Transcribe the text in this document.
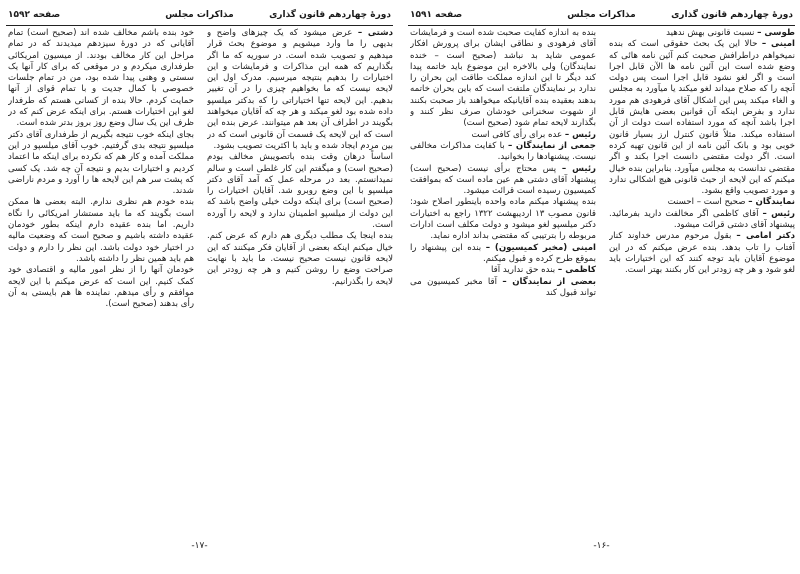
دورهٔ چهاردهم قانون گذاری
مذاکرات مجلس
صفحه ۱۵۹۲

دشتی – عرض میشود که یک چیزهای واضح و بدیهی را ما وارد میشویم و موضوع بحث قرار میدهیم و تصویب شده است. در سوریه که ما اگر بگذاریم که همه این مذاکرات و فرمایشات و این اختیارات را بدهیم بنتیجه میرسیم. مدرک اول این لایحه نیست که ما بخواهیم چیزی را در آن تغییر بدهیم. این لایحه تنها اختیاراتی را که بدکتر میلسپو داده شده بود لغو میکند و هر چه که آقایان میخواهند بگویند در اطراف آن بعد هم میتوانند. عرض بنده این است که این لایحه یک قسمت آن قانونی است که در بین مردم ایجاد شده و باید با اکثریت تصویب بشود.

اساساً درهان وقت بنده باتصویبش مخالف بودم (صحیح است) و میگفتم این کار غلطی است و سالم نمیدانستم. بعد در مرحله عمل که آمد آقای دکتر میلسپو با این وضع روبرو شد. آقایان اختیارات را (صحیح است) برای اینکه دولت خیلی واضح باشد که این دولت از میلسپو اطمینان ندارد و لایحه را آورده است.

بنده اینجا یک مطلب دیگری هم دارم که عرض کنم. خیال میکنم اینکه بعضی از آقایان فکر میکنند که این لایحه قانون نیست صحیح نیست. ما باید با نهایت صراحت وضع را روشن کنیم و هر چه زودتر این لایحه را بگذرانیم.

خود بنده باشم مخالف شده اند (صحیح است) تمام آقایانی که در دورهٔ سیزدهم میدیدند که در تمام مراحل این کار مخالف بودند. از میسیون امریکائی طرفداری میکردم و در موقعی که برای کار آنها یک سستی و وهنی پیدا شده بود، من در تمام جلسات خصوصی با کمال جدیت و با تمام قوای از آنها حمایت کردم. حالا بنده از کسانی هستم که طرفدار لغو این اختیارات هستم. برای اینکه عرض کنم که در ظرف این یک سال وضع روز بروز بدتر شده است.

بجای اینکه خوب نتیجه بگیریم از طرفداری آقای دکتر میلسپو نتیجه بدی گرفتیم. خوب آقای میلسپو در این مملکت آمده و کار هم که نکرده برای اینکه ما اعتماد کردیم و اختیارات بدیم و نتیجه آن چه شد. یک کسی که پشت سر هم این لایحه ها را آورد و مردم ناراضی شدند.

بنده خودم هم نظری ندارم. البته بعضی ها ممکن است بگویند که ما باید مستشار امریکائی را نگاه داریم. اما بنده عقیده دارم اینکه بطور خودمان عقیده داشته باشیم و صحیح است که وضعیت مالیه در اختیار خود دولت باشد. این نظر را دارم و دولت هم باید همین نظر را داشته باشد.

خودمان آنها را از نظر امور مالیه و اقتصادی خود کمک کنیم. این است که عرض میکنم با این لایحه موافقم و رأی میدهم. نماینده ها هم بایستی به آن رأی بدهند (صحیح است).

-۱۷-
دورهٔ چهاردهم قانون گذاری
مذاکرات مجلس
صفحه ۱۵۹۱

طوسی – نسبت قانونی بهش ندهید

امینی – حالا این یک بحث حقوقی است که بنده نمیخواهم دراطرافش صحبت کنم آئین نامه هائی که وضع شده است این آئین نامه ها الآن قابل اجرا است و اگر لغو نشود قابل اجرا است پس دولت آنچه را که صلاح میداند لغو میکند یا میآورد به مجلس و الغاء میکند پس این اشکال آقای فرهودی هم مورد ندارد و بفرض اینکه آن قوانین بعضی هایش قابل اجرا باشد آنچه که مورد استفاده است دولت از آن استفاده میکند. مثلاً قانون کنترل ارز بسیار قانون خوبی بود و بانک آئین نامه از این قانون تهیه کرده است. اگر دولت مقتضی دانست اجرا بکند و اگر مقتضی ندانست به مجلس میآورد. بنابراین بنده خیال میکنم که این لایحه از حیث قانونی هیچ اشکالی ندارد و مورد تصویب واقع بشود.

نمایندگان – صحیح است – احسنت

رئیس – آقای کاظمی اگر مخالفت دارید بفرمائید. پیشنهاد آقای دشتی قرائت میشود.

دکتر امامی – بقول مرحوم مدرس خداوند کنار آفتاب را تاب بدهد. بنده عرض میکنم که در این موضوع آقایان باید توجه کنند که این اختیارات باید لغو شود و هر چه زودتر این کار بکنند بهتر است.

بنده به اندازه کفایت صحبت شده است و فرمایشات آقای فرهودی و نطاقی ایشان برای پرورش افکار عمومی شاید بد نباشد (صحیح است – خنده نمایندگان) ولی بالاخره این موضوع باید خاتمه پیدا کند دیگر تا این اندازه مملکت طاقت این بحران را ندارد بر نمایندگان ملتفت است که باین بحران خاتمه بدهند بعقیده بنده آقایانیکه میخواهند باز صحبت بکنند از شهوت سخنرانی خودشان صرف نظر کنند و بگذارند لایحه تمام شود (صحیح است)

رئیس – عده برای رأی کافی است

جمعی از نمایندگان – با کفایت مذاکرات مخالفی نیست. پیشنهادها را بخوانید.

رئیس – پس محتاج برأی نیست (صحیح است) پیشنهاد آقای دشتی هم عین ماده است که بموافقت کمیسیون رسیده است قرائت میشود.

بنده پیشنهاد میکنم ماده واحده باینطور اصلاح شود: قانون مصوب ۱۳ اردیبهشت ۱۳۲۲ راجع به اختیارات دکتر میلسپو لغو میشود و دولت مکلف است ادارات مربوطه را بترتیبی که مقتضی بداند اداره نماید.

امینی (مخبر کمیسیون) – بنده این پیشنهاد را بموقع طرح کرده و قبول میکنم.

کاظمی – بنده حق ندارید آقا

بعضی از نمایندگان – آقا مخبر کمیسیون می تواند قبول کند

-۱۶-
